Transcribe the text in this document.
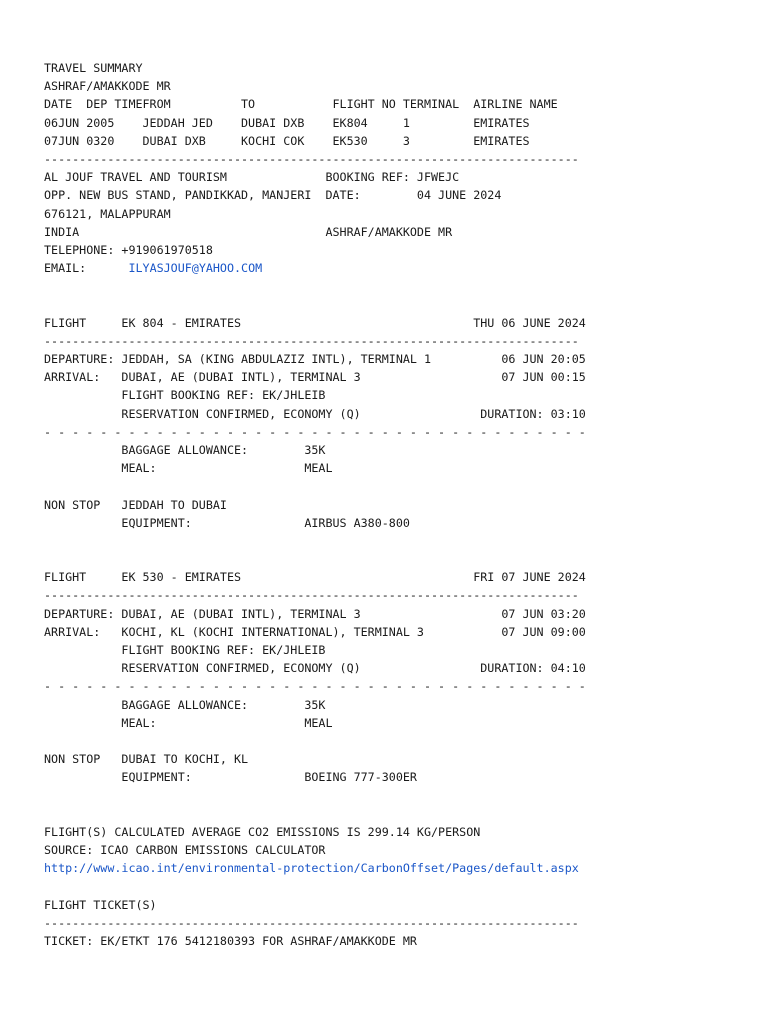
TRAVEL SUMMARY
ASHRAF/AMAKKODE MR
DATE  DEP TIMEFROM          TO           FLIGHT NO TERMINAL  AIRLINE NAME
06JUN 2005    JEDDAH JED    DUBAI DXB    EK804     1         EMIRATES
07JUN 0320    DUBAI DXB     KOCHI COK    EK530     3         EMIRATES
----------------------------------------------------------------------------
AL JOUF TRAVEL AND TOURISM              BOOKING REF: JFWEJC
OPP. NEW BUS STAND, PANDIKKAD, MANJERI  DATE:        04 JUNE 2024
676121, MALAPPURAM
INDIA                                   ASHRAF/AMAKKODE MR
TELEPHONE: +919061970518
EMAIL:      ILYASJOUF@YAHOO.COM
FLIGHT     EK 804 - EMIRATES                                 THU 06 JUNE 2024
----------------------------------------------------------------------------
DEPARTURE: JEDDAH, SA (KING ABDULAZIZ INTL), TERMINAL 1          06 JUN 20:05
ARRIVAL:   DUBAI, AE (DUBAI INTL), TERMINAL 3                    07 JUN 00:15
FLIGHT BOOKING REF: EK/JHLEIB
RESERVATION CONFIRMED, ECONOMY (Q)                 DURATION: 03:10
- - - - - - - - - - - - - - - - - - - - - - - - - - - - - - - - - - - - - - -
BAGGAGE ALLOWANCE:        35K
MEAL:                     MEAL
NON STOP   JEDDAH TO DUBAI
EQUIPMENT:                AIRBUS A380-800
FLIGHT     EK 530 - EMIRATES                                 FRI 07 JUNE 2024
----------------------------------------------------------------------------
DEPARTURE: DUBAI, AE (DUBAI INTL), TERMINAL 3                    07 JUN 03:20
ARRIVAL:   KOCHI, KL (KOCHI INTERNATIONAL), TERMINAL 3           07 JUN 09:00
FLIGHT BOOKING REF: EK/JHLEIB
RESERVATION CONFIRMED, ECONOMY (Q)                 DURATION: 04:10
- - - - - - - - - - - - - - - - - - - - - - - - - - - - - - - - - - - - - - -
BAGGAGE ALLOWANCE:        35K
MEAL:                     MEAL
NON STOP   DUBAI TO KOCHI, KL
EQUIPMENT:                BOEING 777-300ER
FLIGHT(S) CALCULATED AVERAGE CO2 EMISSIONS IS 299.14 KG/PERSON
SOURCE: ICAO CARBON EMISSIONS CALCULATOR
http://www.icao.int/environmental-protection/CarbonOffset/Pages/default.aspx
FLIGHT TICKET(S)
----------------------------------------------------------------------------
TICKET: EK/ETKT 176 5412180393 FOR ASHRAF/AMAKKODE MR
